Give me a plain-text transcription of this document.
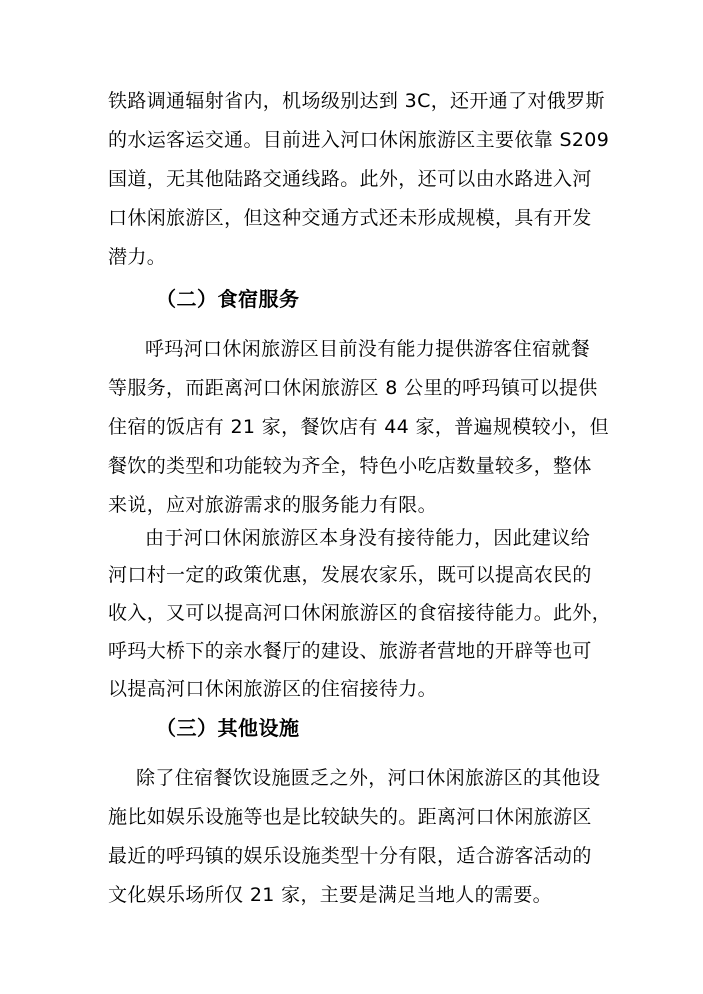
铁路调通辐射省内，机场级别达到 3C，还开通了对俄罗斯
的水运客运交通。目前进入河口休闲旅游区主要依靠 S209
国道，无其他陆路交通线路。此外，还可以由水路进入河
口休闲旅游区，但这种交通方式还未形成规模，具有开发
潜力。
（二）食宿服务
呼玛河口休闲旅游区目前没有能力提供游客住宿就餐
等服务，而距离河口休闲旅游区 8 公里的呼玛镇可以提供
住宿的饭店有 21 家，餐饮店有 44 家，普遍规模较小，但
餐饮的类型和功能较为齐全，特色小吃店数量较多，整体
来说，应对旅游需求的服务能力有限。
由于河口休闲旅游区本身没有接待能力，因此建议给
河口村一定的政策优惠，发展农家乐，既可以提高农民的
收入，又可以提高河口休闲旅游区的食宿接待能力。此外，
呼玛大桥下的亲水餐厅的建设、旅游者营地的开辟等也可
以提高河口休闲旅游区的住宿接待力。
（三）其他设施
除了住宿餐饮设施匮乏之外，河口休闲旅游区的其他设
施比如娱乐设施等也是比较缺失的。距离河口休闲旅游区
最近的呼玛镇的娱乐设施类型十分有限，适合游客活动的
文化娱乐场所仅 21 家，主要是满足当地人的需要。
